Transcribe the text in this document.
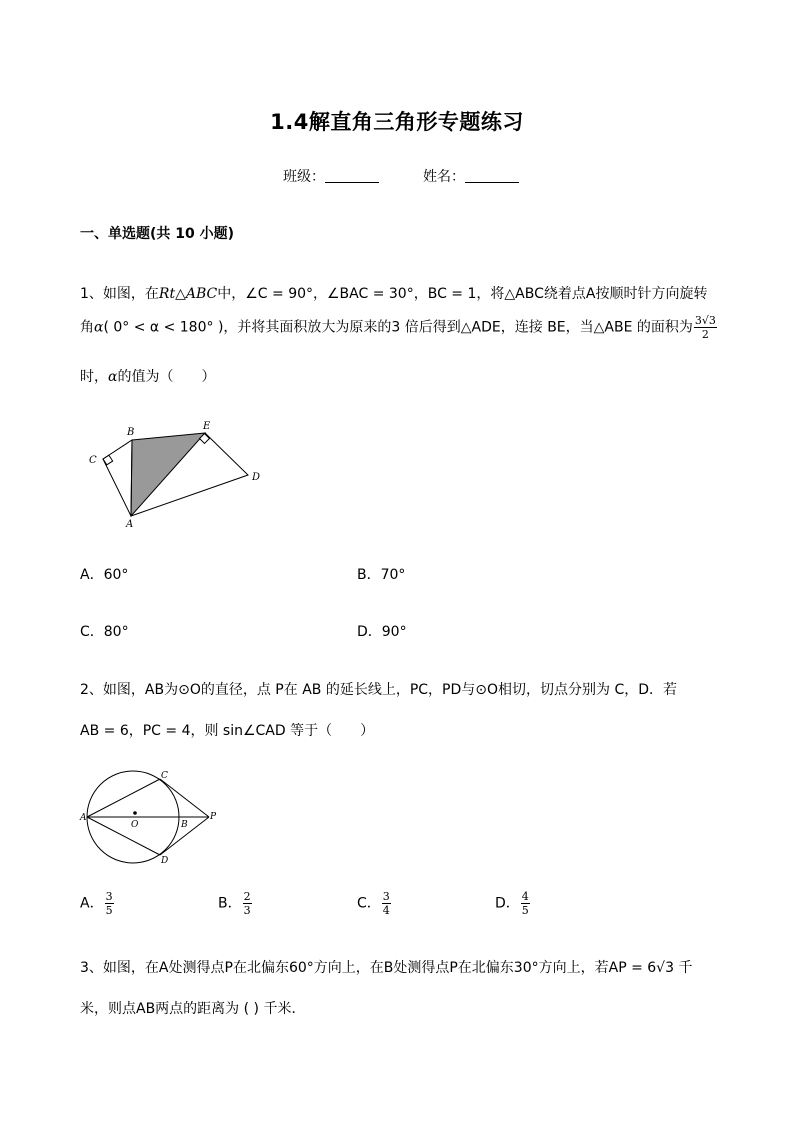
1.4解直角三角形专题练习
班级：	姓名：
一、单选题(共 10 小题)
1、如图，在Rt△ABC中，∠C = 90°，∠BAC = 30°，BC = 1，将△ABC绕着点A按顺时针方向旋转
角α( 0° < α < 180° )，并将其面积放大为原来的3 倍后得到△ADE，连接 BE，当△ABE 的面积为 $\frac{3√3}{2}$
时，α的值为（　　）
B
E
C
D
A
A．60°	B．70°
C．80°	D．90°
2、如图，AB为⊙O的直径，点 P在 AB 的延长线上，PC，PD与⊙O相切，切点分别为 C，D．若
AB = 6，PC = 4，则 sin∠CAD 等于（　　）
C
A
O	B
P
D
A． $\frac{3}{5}$	B． $\frac{2}{3}$	C． $\frac{3}{4}$	D． $\frac{4}{5}$
3、如图，在A处测得点P在北偏东60°方向上，在B处测得点P在北偏东30°方向上，若AP = 6√3 千
米，则点AB两点的距离为 ( ) 千米．
